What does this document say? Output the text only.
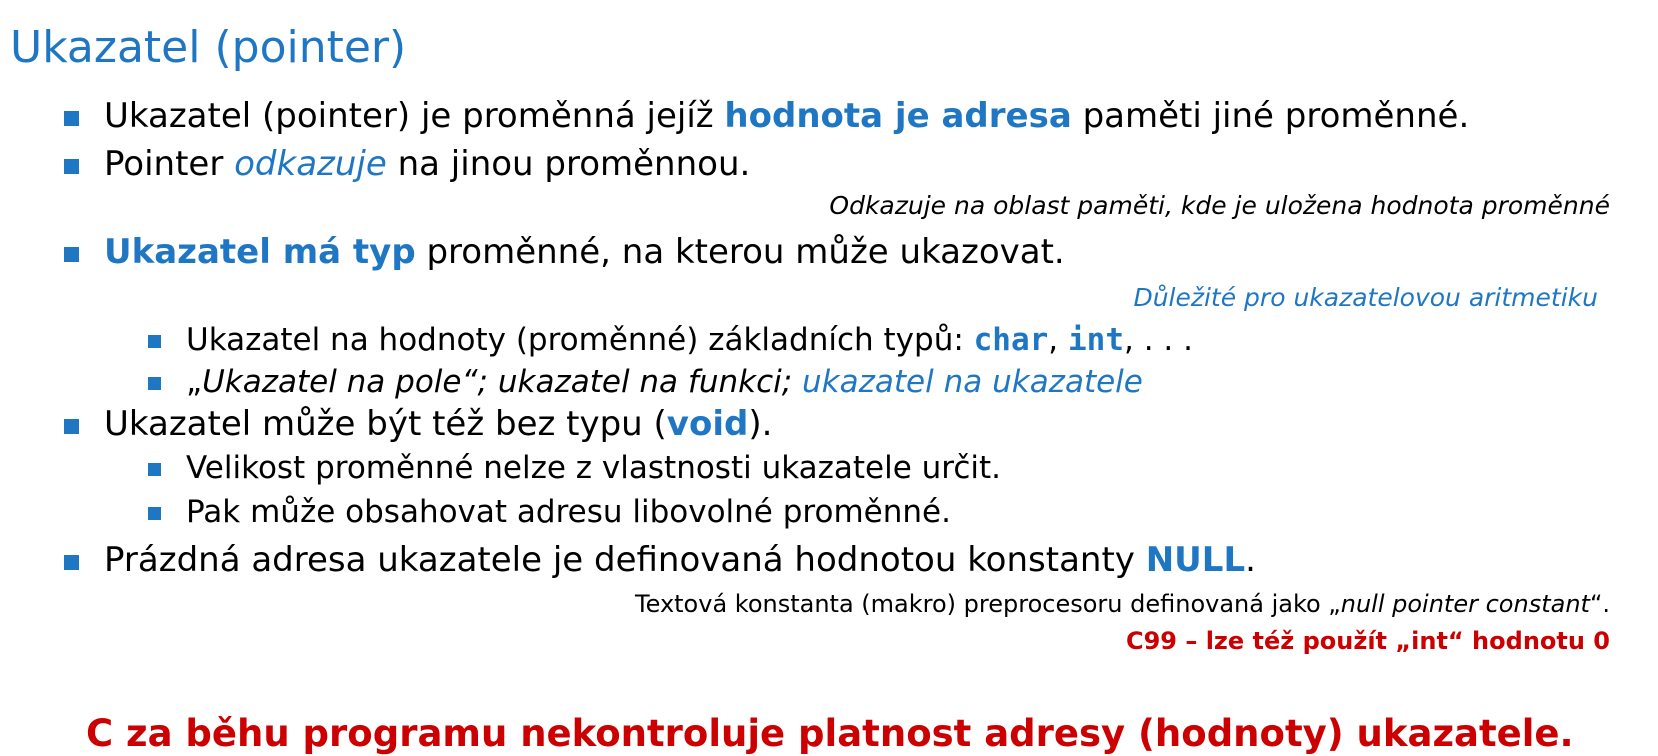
Ukazatel (pointer)
Ukazatel (pointer) je proměnná jejíž hodnota je adresa paměti jiné proměnné.
Pointer odkazuje na jinou proměnnou.
Odkazuje na oblast paměti, kde je uložena hodnota proměnné
Ukazatel má typ proměnné, na kterou může ukazovat.
Důležité pro ukazatelovou aritmetiku
Ukazatel na hodnoty (proměnné) základních typů: char, int, . . .
„Ukazatel na pole“; ukazatel na funkci; ukazatel na ukazatele
Ukazatel může být též bez typu (void).
Velikost proměnné nelze z vlastnosti ukazatele určit.
Pak může obsahovat adresu libovolné proměnné.
Prázdná adresa ukazatele je definovaná hodnotou konstanty NULL.
Textová konstanta (makro) preprocesoru definovaná jako „null pointer constant“.
C99 – lze též použít „int“ hodnotu 0
C za běhu programu nekontroluje platnost adresy (hodnoty) ukazatele.
